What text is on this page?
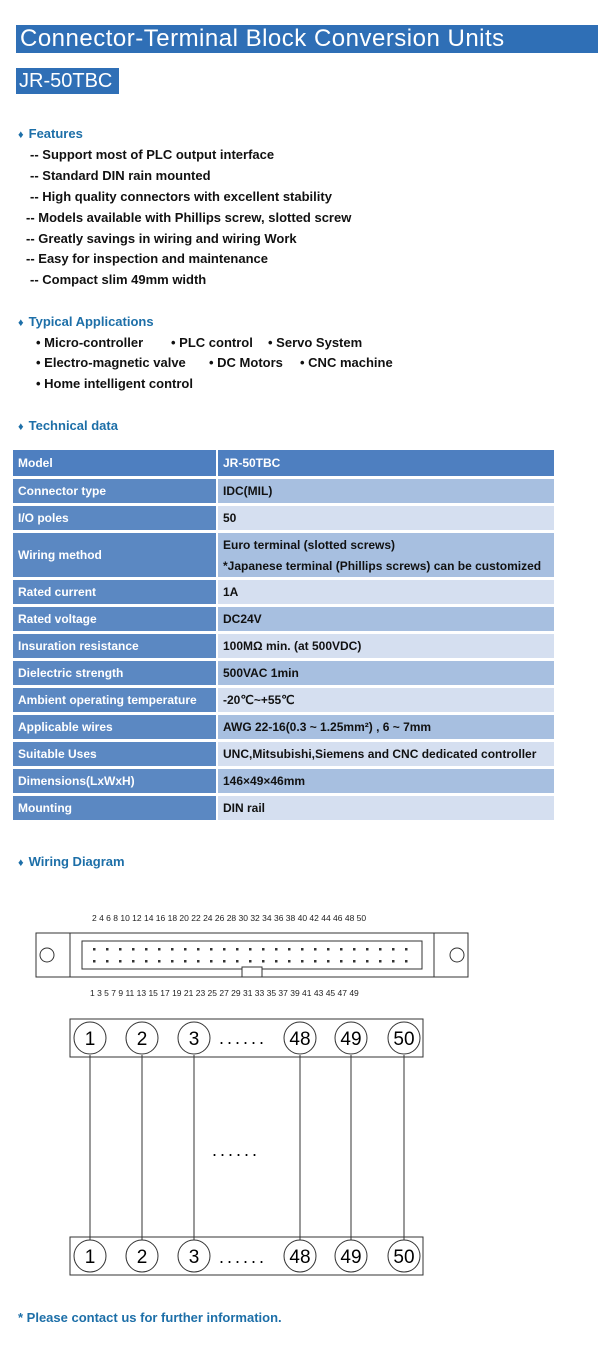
Connector-Terminal Block Conversion Units
JR-50TBC
♦ Features
-- Support most of PLC output interface
-- Standard DIN rain mounted
-- High quality connectors with excellent stability
-- Models available with Phillips screw, slotted screw
-- Greatly savings in wiring and wiring Work
-- Easy for inspection and maintenance
-- Compact slim 49mm width
♦ Typical Applications
• Micro-controller • PLC control • Servo System
• Electro-magnetic valve • DC Motors • CNC machine
• Home intelligent control
♦ Technical data
Model	JR-50TBC
Connector type	IDC(MIL)
I/O poles	50
Wiring method	Euro terminal (slotted screws)
*Japanese terminal (Phillips screws) can be customized

Rated current	1A
Rated voltage	DC24V
Insuration resistance	100MΩ min. (at 500VDC)
Dielectric strength	500VAC 1min
Ambient operating temperature	-20℃~+55℃
Applicable wires	AWG 22-16(0.3 ~ 1.25mm²) , 6 ~ 7mm
Suitable Uses	UNC,Mitsubishi,Siemens and CNC dedicated controller
Dimensions(LxWxH)	146×49×46mm
Mounting	DIN rail
♦ Wiring Diagram
2 4 6 8 10 12 14 16 18 20 22 24 26 28 30 32 34 36 38 40 42 44 46 48 50
1 3 5 7 9 11 13 15 17 19 21 23 25 27 29 31 33 35 37 39 41 43 45 47 49
1
1
2
2
3
3
48
48
49
49
50
50
......
......
......
* Please contact us for further information.
